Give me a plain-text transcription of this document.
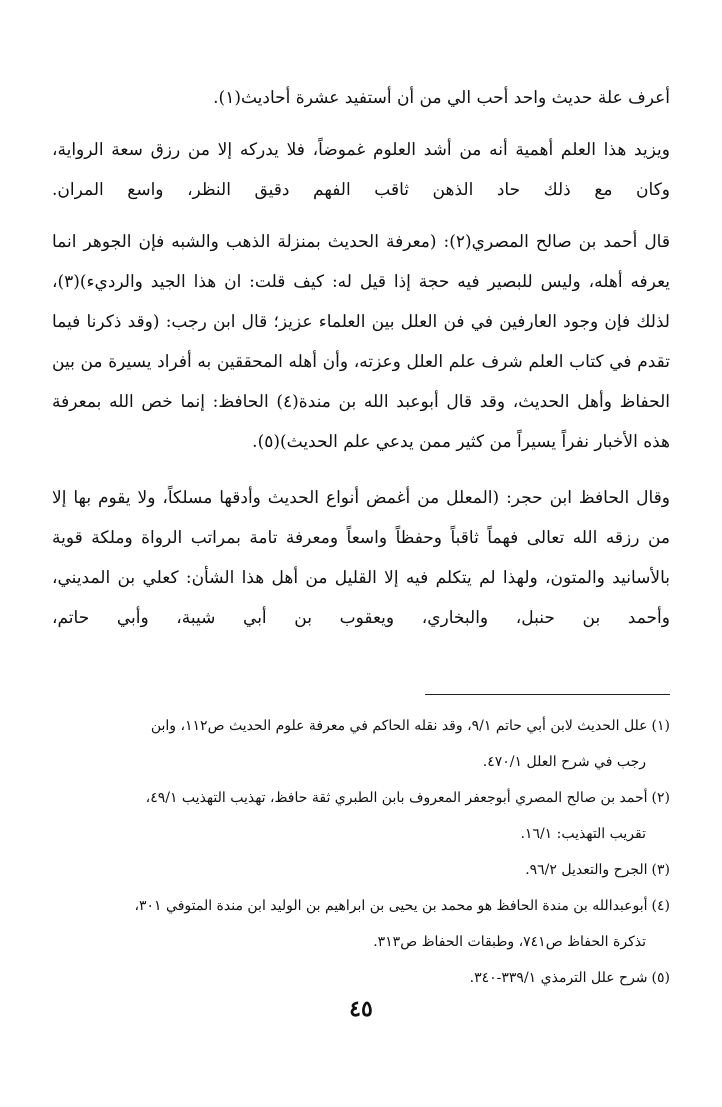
أعرف علة حديث واحد أحب الي من أن أستفيد عشرة أحاديث(١).

ويزيد هذا العلم أهمية أنه من أشد العلوم غموضاً، فلا يدركه إلا من رزق سعة الرواية، وكان مع ذلك حاد الذهن ثاقب الفهم دقيق النظر، واسع المران.

قال أحمد بن صالح المصري(٢): (معرفة الحديث بمنزلة الذهب والشبه فإن الجوهر انما يعرفه أهله، وليس للبصير فيه حجة إذا قيل له: كيف قلت: ان هذا الجيد والرديء)(٣)، لذلك فإن وجود العارفين في فن العلل بين العلماء عزيز؛ قال ابن رجب: (وقد ذكرنا فيما تقدم في كتاب العلم شرف علم العلل وعزته، وأن أهله المحققين به أفراد يسيرة من بين الحفاظ وأهل الحديث، وقد قال أبوعبد الله بن مندة(٤) الحافظ: إنما خص الله بمعرفة هذه الأخبار نفراً يسيراً من كثير ممن يدعي علم الحديث)(٥).

وقال الحافظ ابن حجر: (المعلل من أغمض أنواع الحديث وأدقها مسلكاً، ولا يقوم بها إلا من رزقه الله تعالى فهماً ثاقباً وحفظاً واسعاً ومعرفة تامة بمراتب الرواة وملكة قوية بالأسانيد والمتون، ولهذا لم يتكلم فيه إلا القليل من أهل هذا الشأن: كعلي بن المديني، وأحمد بن حنبل، والبخاري، ويعقوب بن أبي شيبة، وأبي حاتم،

(١)علل الحديث لابن أبي حاتم ٩/١، وقد نقله الحاكم في معرفة علوم الحديث ص١١٢، وابن

رجب في شرح العلل ٤٧٠/١.

(٢)أحمد بن صالح المصري أبوجعفر المعروف بابن الطبري ثقة حافظ، تهذيب التهذيب ٤٩/١،

تقريب التهذيب: ١٦/١.

(٣)الجرح والتعديل ٩٦/٢.

(٤)أبوعبدالله بن مندة الحافظ هو محمد بن يحيى بن ابراهيم بن الوليد ابن مندة المتوفي ٣٠١،

تذكرة الحفاظ ص٧٤١، وطبقات الحفاظ ص٣١٣.

(٥)شرح علل الترمذي ٣٣٩/١-٣٤٠.

٤٥
